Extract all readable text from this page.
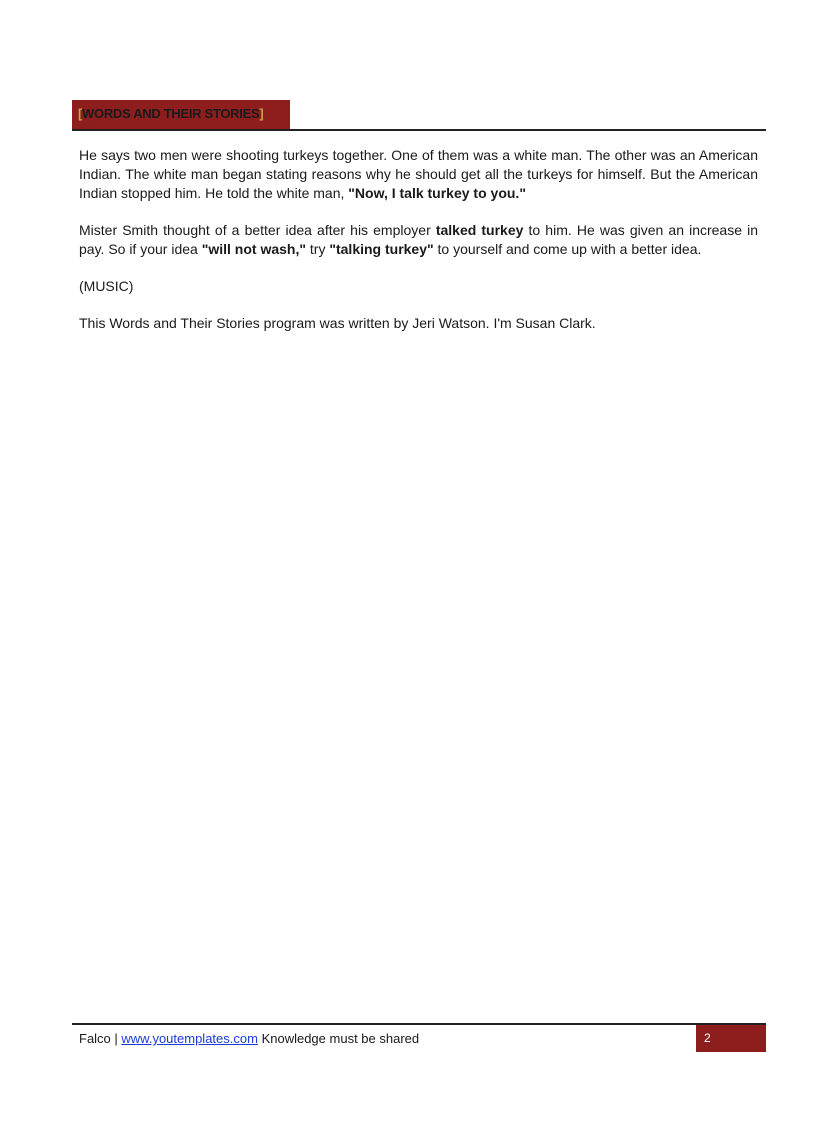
[WORDS AND THEIR STORIES]

He says two men were shooting turkeys together. One of them was a white man. The other was an American Indian. The white man began stating reasons why he should get all the turkeys for himself. But the American Indian stopped him. He told the white man, "Now, I talk turkey to you."

Mister Smith thought of a better idea after his employer talked turkey to him. He was given an increase in pay. So if your idea "will not wash," try "talking turkey" to yourself and come up with a better idea.

(MUSIC)

This Words and Their Stories program was written by Jeri Watson. I'm Susan Clark.

Falco | www.youtemplates.com Knowledge must be shared	2
